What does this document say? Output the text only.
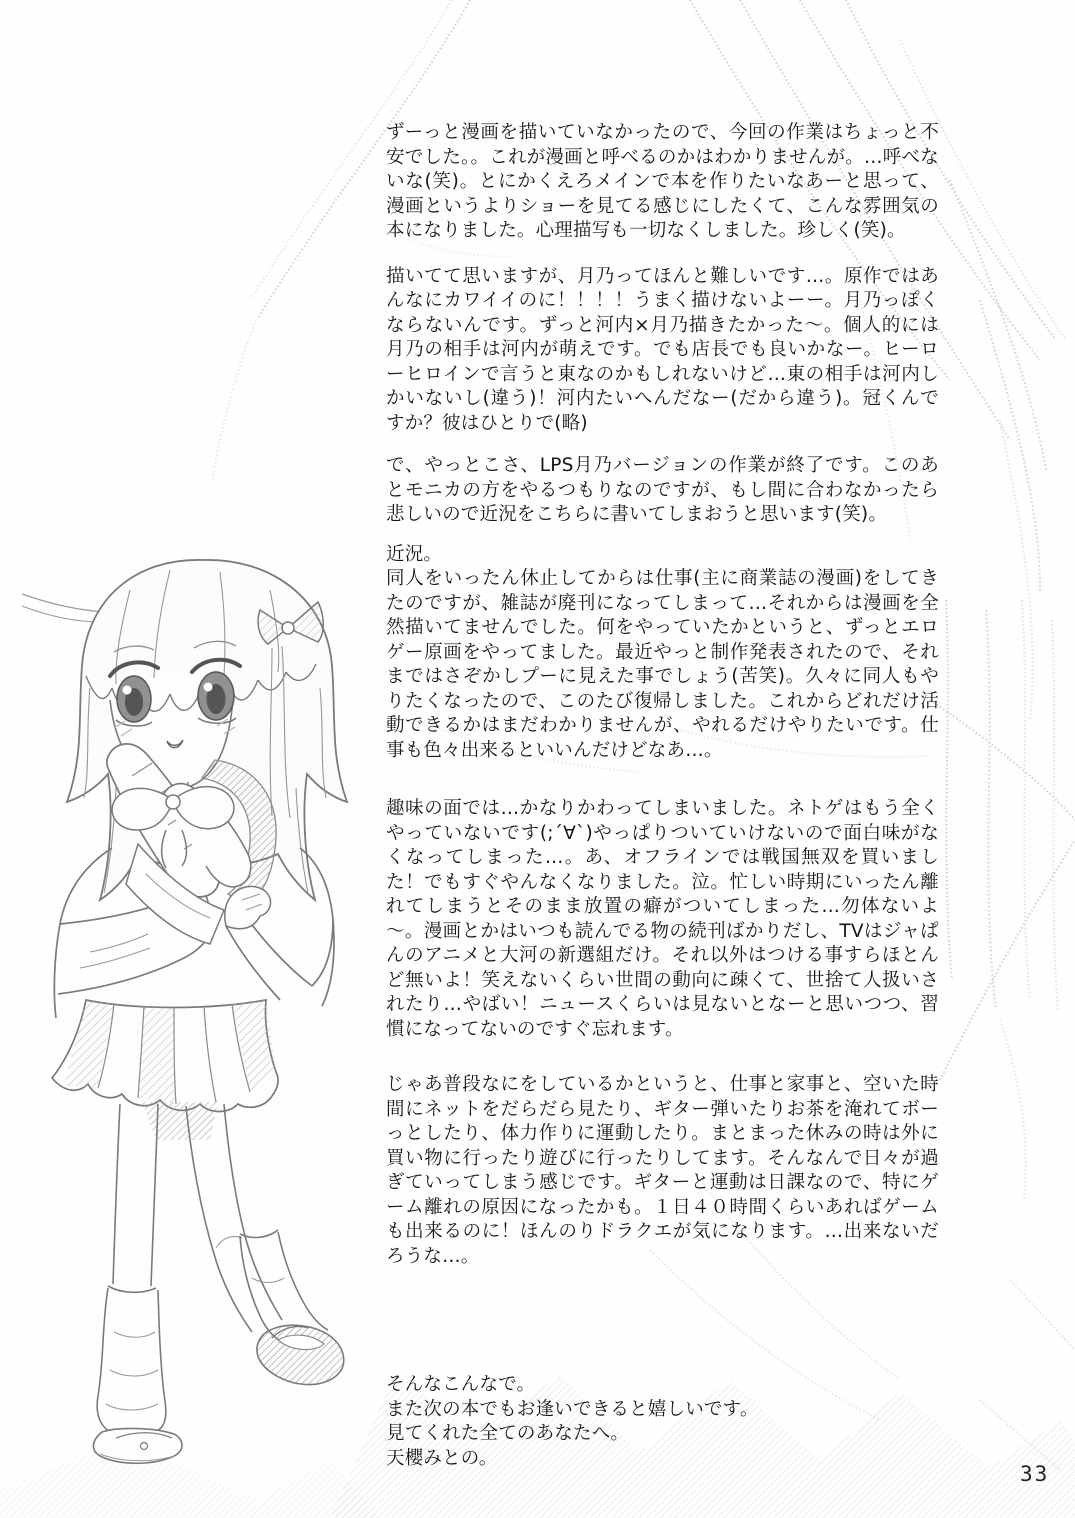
ずーっと漫画を描いていなかったので、今回の作業はちょっと不安でした。。これが漫画と呼べるのかはわかりませんが。…呼べないな(笑)。とにかくえろメインで本を作りたいなあーと思って、漫画というよりショーを見てる感じにしたくて、こんな雰囲気の本になりました。心理描写も一切なくしました。珍しく(笑)。

描いてて思いますが、月乃ってほんと難しいです…。原作ではあんなにカワイイのに！！！！うまく描けないよーー。月乃っぽくならないんです。ずっと河内×月乃描きたかった～。個人的には月乃の相手は河内が萌えです。でも店長でも良いかなー。ヒーローヒロインで言うと東なのかもしれないけど…東の相手は河内しかいないし(違う)！河内たいへんだなー(だから違う)。冠くんですか？彼はひとりで(略)

で、やっとこさ、LPS月乃バージョンの作業が終了です。このあとモニカの方をやるつもりなのですが、もし間に合わなかったら悲しいので近況をこちらに書いてしまおうと思います(笑)。

近況。

同人をいったん休止してからは仕事(主に商業誌の漫画)をしてきたのですが、雑誌が廃刊になってしまって…それからは漫画を全然描いてませんでした。何をやっていたかというと、ずっとエロゲー原画をやってました。最近やっと制作発表されたので、それまではさぞかしプーに見えた事でしょう(苦笑)。久々に同人もやりたくなったので、このたび復帰しました。これからどれだけ活動できるかはまだわかりませんが、やれるだけやりたいです。仕事も色々出来るといいんだけどなあ…。

趣味の面では…かなりかわってしまいました。ネトゲはもう全くやっていないです(;´∀`)やっぱりついていけないので面白味がなくなってしまった…。あ、オフラインでは戦国無双を買いました！でもすぐやんなくなりました。泣。忙しい時期にいったん離れてしまうとそのまま放置の癖がついてしまった…勿体ないよ～。漫画とかはいつも読んでる物の続刊ばかりだし、TVはジャぱんのアニメと大河の新選組だけ。それ以外はつける事すらほとんど無いよ！笑えないくらい世間の動向に疎くて、世捨て人扱いされたり…やばい！ニュースくらいは見ないとなーと思いつつ、習慣になってないのですぐ忘れます。

じゃあ普段なにをしているかというと、仕事と家事と、空いた時間にネットをだらだら見たり、ギター弾いたりお茶を淹れてボーっとしたり、体力作りに運動したり。まとまった休みの時は外に買い物に行ったり遊びに行ったりしてます。そんなんで日々が過ぎていってしまう感じです。ギターと運動は日課なので、特にゲーム離れの原因になったかも。１日４０時間くらいあればゲームも出来るのに！ほんのりドラクエが気になります。…出来ないだろうな…。

そんなこんなで。
また次の本でもお逢いできると嬉しいです。
見てくれた全てのあなたへ。
天櫻みとの。
33
